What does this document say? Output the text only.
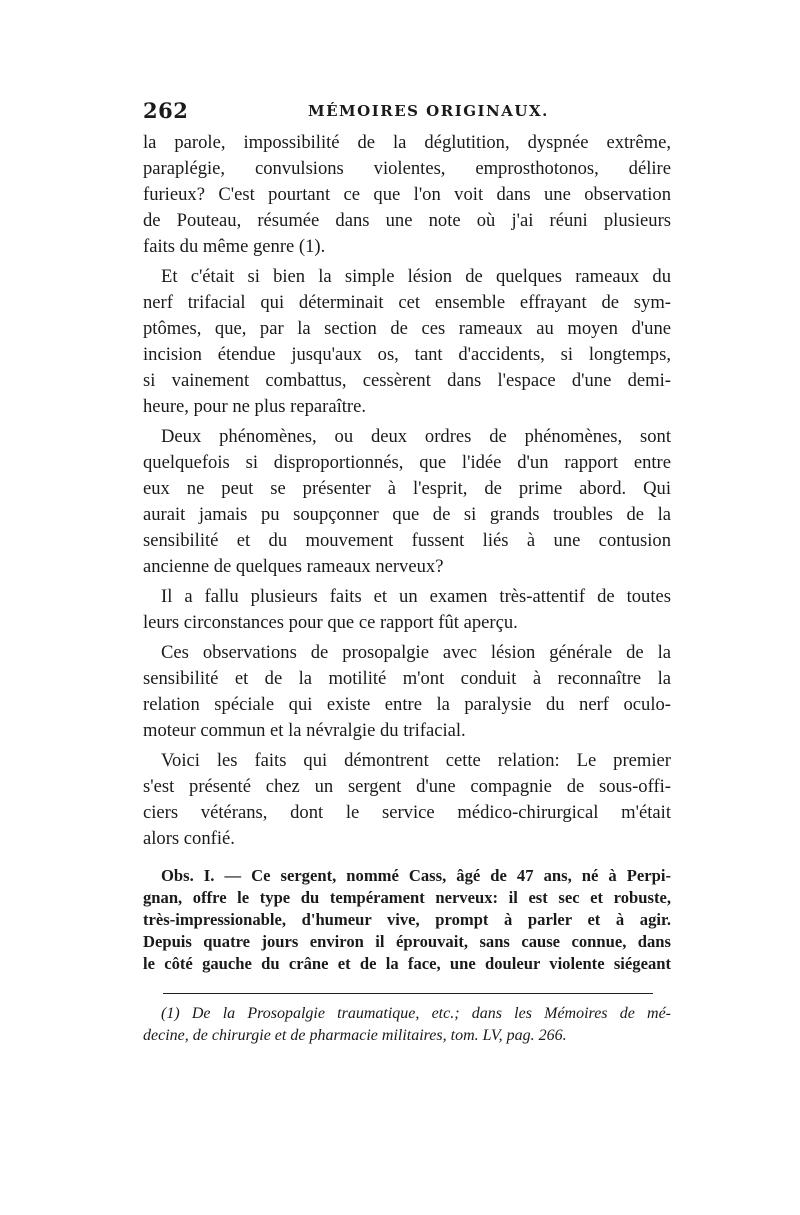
262	MÉMOIRES ORIGINAUX.
la parole, impossibilité de la déglutition, dyspnée extrême,
paraplégie, convulsions violentes, emprosthotonos, délire
furieux? C'est pourtant ce que l'on voit dans une observation
de Pouteau, résumée dans une note où j'ai réuni plusieurs
faits du même genre (1).
Et c'était si bien la simple lésion de quelques rameaux du
nerf trifacial qui déterminait cet ensemble effrayant de sym-
ptômes, que, par la section de ces rameaux au moyen d'une
incision étendue jusqu'aux os, tant d'accidents, si longtemps,
si vainement combattus, cessèrent dans l'espace d'une demi-
heure, pour ne plus reparaître.
Deux phénomènes, ou deux ordres de phénomènes, sont
quelquefois si disproportionnés, que l'idée d'un rapport entre
eux ne peut se présenter à l'esprit, de prime abord. Qui
aurait jamais pu soupçonner que de si grands troubles de la
sensibilité et du mouvement fussent liés à une contusion
ancienne de quelques rameaux nerveux?
Il a fallu plusieurs faits et un examen très-attentif de toutes
leurs circonstances pour que ce rapport fût aperçu.
Ces observations de prosopalgie avec lésion générale de la
sensibilité et de la motilité m'ont conduit à reconnaître la
relation spéciale qui existe entre la paralysie du nerf oculo-
moteur commun et la névralgie du trifacial.
Voici les faits qui démontrent cette relation: Le premier
s'est présenté chez un sergent d'une compagnie de sous-offi-
ciers vétérans, dont le service médico-chirurgical m'était
alors confié.
Obs. I. — Ce sergent, nommé Cass, âgé de 47 ans, né à Perpi-
gnan, offre le type du tempérament nerveux: il est sec et robuste,
très-impressionable, d'humeur vive, prompt à parler et à agir.
Depuis quatre jours environ il éprouvait, sans cause connue, dans
le côté gauche du crâne et de la face, une douleur violente siégeant
(1) De la Prosopalgie traumatique, etc.; dans les Mémoires de mé-
decine, de chirurgie et de pharmacie militaires, tom. LV, pag. 266.
